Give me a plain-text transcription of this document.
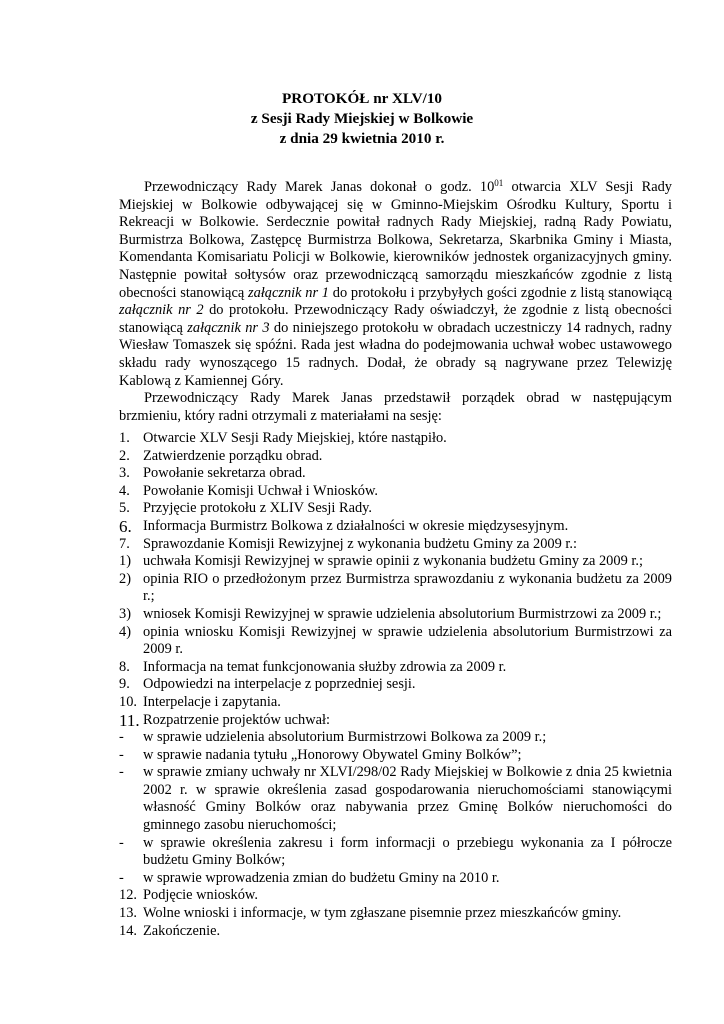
PROTOKÓŁ nr XLV/10
z Sesji Rady Miejskiej w Bolkowie
z dnia 29 kwietnia 2010 r.

Przewodniczący Rady Marek Janas dokonał o godz. $10^{01}$ otwarcia XLV Sesji Rady Miejskiej w Bolkowie odbywającej się w Gminno-Miejskim Ośrodku Kultury, Sportu i Rekreacji w Bolkowie. Serdecznie powitał radnych Rady Miejskiej, radną Rady Powiatu, Burmistrza Bolkowa, Zastępcę Burmistrza Bolkowa, Sekretarza, Skarbnika Gminy i Miasta, Komendanta Komisariatu Policji w Bolkowie, kierowników jednostek organizacyjnych gminy. Następnie powitał sołtysów oraz przewodniczącą samorządu mieszkańców zgodnie z listą obecności stanowiącą załącznik nr 1 do protokołu i przybyłych gości zgodnie z listą stanowiącą załącznik nr 2 do protokołu. Przewodniczący Rady oświadczył, że zgodnie z listą obecności stanowiącą załącznik nr 3 do niniejszego protokołu w obradach uczestniczy 14 radnych, radny Wiesław Tomaszek się spóźni. Rada jest władna do podejmowania uchwał wobec ustawowego składu rady wynoszącego 15 radnych. Dodał, że obrady są nagrywane przez Telewizję Kablową z Kamiennej Góry.

Przewodniczący Rady Marek Janas przedstawił porządek obrad w następującym brzmieniu, który radni otrzymali z materiałami na sesję:

1. Otwarcie XLV Sesji Rady Miejskiej, które nastąpiło.
2. Zatwierdzenie porządku obrad.
3. Powołanie sekretarza obrad.
4. Powołanie Komisji Uchwał i Wniosków.
5. Przyjęcie protokołu z XLIV Sesji Rady.
6. Informacja Burmistrz Bolkowa z działalności w okresie międzysesyjnym.
7. Sprawozdanie Komisji Rewizyjnej z wykonania budżetu Gminy za 2009 r.:
1) uchwała Komisji Rewizyjnej w sprawie opinii z wykonania budżetu Gminy za 2009 r.;
2) opinia RIO o przedłożonym przez Burmistrza sprawozdaniu z wykonania budżetu za 2009 r.;
3) wniosek Komisji Rewizyjnej w sprawie udzielenia absolutorium Burmistrzowi za 2009 r.;
4) opinia wniosku Komisji Rewizyjnej w sprawie udzielenia absolutorium Burmistrzowi za 2009 r.
8. Informacja na temat funkcjonowania służby zdrowia za 2009 r.
9. Odpowiedzi na interpelacje z poprzedniej sesji.
10. Interpelacje i zapytania.
11. Rozpatrzenie projektów uchwał:
- w sprawie udzielenia absolutorium Burmistrzowi Bolkowa za 2009 r.;
- w sprawie nadania tytułu „Honorowy Obywatel Gminy Bolków”;
- w sprawie zmiany uchwały nr XLVI/298/02 Rady Miejskiej w Bolkowie z dnia 25 kwietnia 2002 r. w sprawie określenia zasad gospodarowania nieruchomościami stanowiącymi własność Gminy Bolków oraz nabywania przez Gminę Bolków nieruchomości do gminnego zasobu nieruchomości;
- w sprawie określenia zakresu i form informacji o przebiegu wykonania za I półrocze budżetu Gminy Bolków;
- w sprawie wprowadzenia zmian do budżetu Gminy na 2010 r.
12. Podjęcie wniosków.
13. Wolne wnioski i informacje, w tym zgłaszane pisemnie przez mieszkańców gminy.
14. Zakończenie.
